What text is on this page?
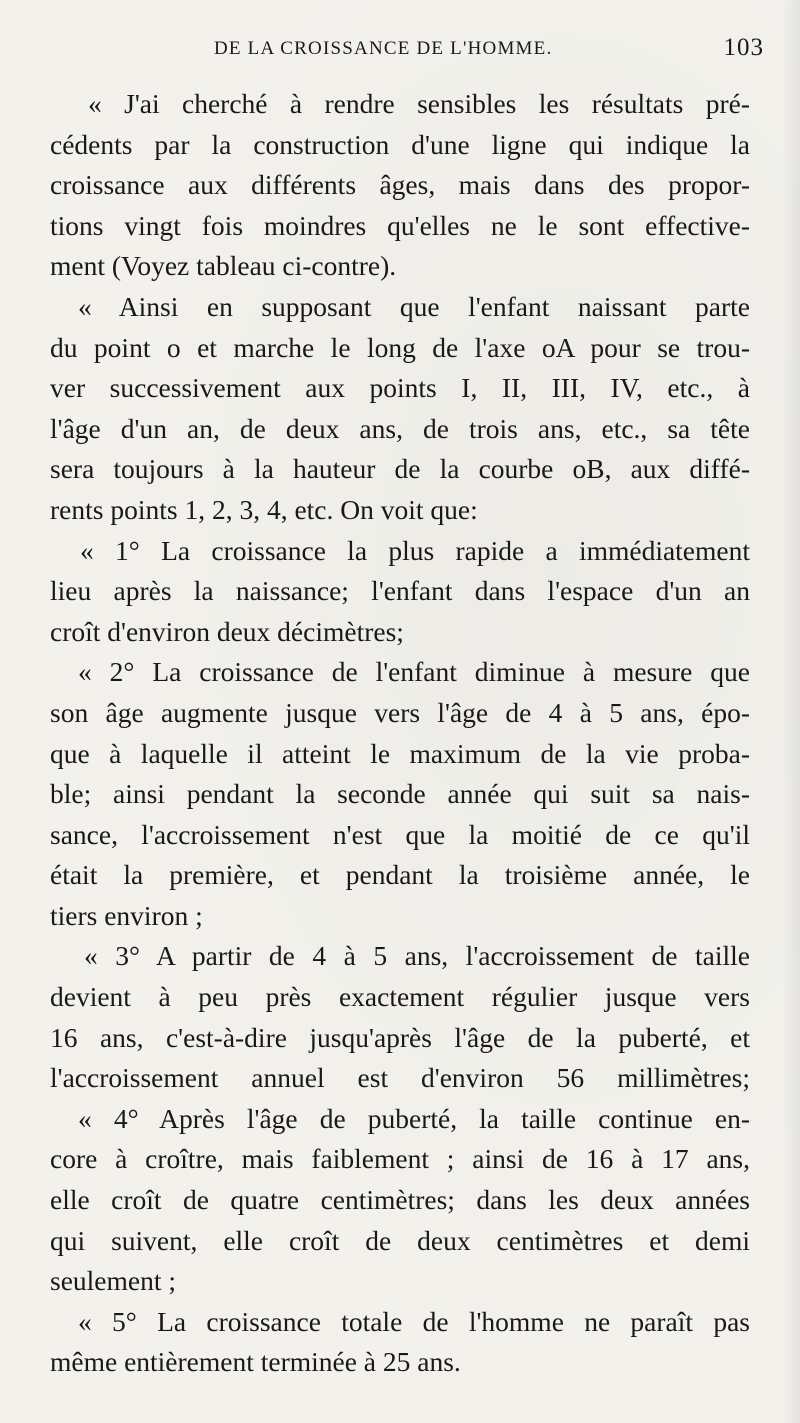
DE LA CROISSANCE DE L'HOMME.	103
« J'ai cherché à rendre sensibles les résultats pré-
cédents par la construction d'une ligne qui indique la
croissance aux différents âges, mais dans des propor-
tions vingt fois moindres qu'elles ne le sont effective-
ment (Voyez tableau ci-contre).
« Ainsi en supposant que l'enfant naissant parte
du point o et marche le long de l'axe oA pour se trou-
ver successivement aux points I, II, III, IV, etc., à
l'âge d'un an, de deux ans, de trois ans, etc., sa tête
sera toujours à la hauteur de la courbe oB, aux diffé-
rents points 1, 2, 3, 4, etc. On voit que:
« 1° La croissance la plus rapide a immédiatement
lieu après la naissance; l'enfant dans l'espace d'un an
croît d'environ deux décimètres;
« 2° La croissance de l'enfant diminue à mesure que
son âge augmente jusque vers l'âge de 4 à 5 ans, épo-
que à laquelle il atteint le maximum de la vie proba-
ble; ainsi pendant la seconde année qui suit sa nais-
sance, l'accroissement n'est que la moitié de ce qu'il
était la première, et pendant la troisième année, le
tiers environ ;
« 3° A partir de 4 à 5 ans, l'accroissement de taille
devient à peu près exactement régulier jusque vers
16 ans, c'est-à-dire jusqu'après l'âge de la puberté, et
l'accroissement annuel est d'environ 56 millimètres;
« 4° Après l'âge de puberté, la taille continue en-
core à croître, mais faiblement ; ainsi de 16 à 17 ans,
elle croît de quatre centimètres; dans les deux années
qui suivent, elle croît de deux centimètres et demi
seulement ;
« 5° La croissance totale de l'homme ne paraît pas
même entièrement terminée à 25 ans.
